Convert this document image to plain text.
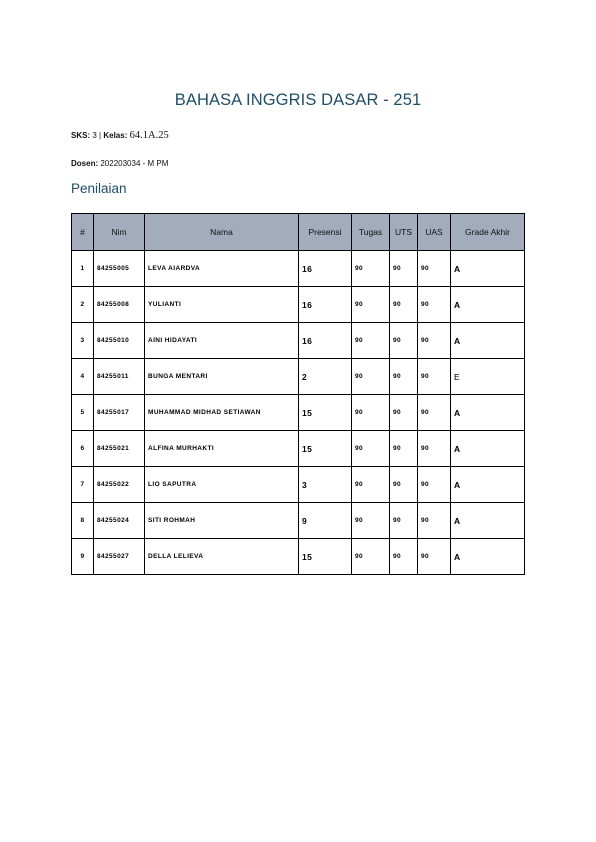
BAHASA INGGRIS DASAR - 251
SKS: 3 | Kelas: 64.1A.25
Dosen: 202203034 - M PM
Penilaian
#	Nim	Nama	Presensi	Tugas	UTS	UAS	Grade Akhir
1	84255005	LEVA AIARDVA	16	90	90	90	A
2	84255008	YULIANTI	16	90	90	90	A
3	84255010	AINI HIDAYATI	16	90	90	90	A
4	84255011	BUNGA MENTARI	2	90	90	90	E
5	84255017	MUHAMMAD MIDHAD SETIAWAN	15	90	90	90	A
6	84255021	ALFINA MURHAKTI	15	90	90	90	A
7	84255022	LIO SAPUTRA	3	90	90	90	A
8	84255024	SITI ROHMAH	9	90	90	90	A
9	84255027	DELLA LELIEVA	15	90	90	90	A
